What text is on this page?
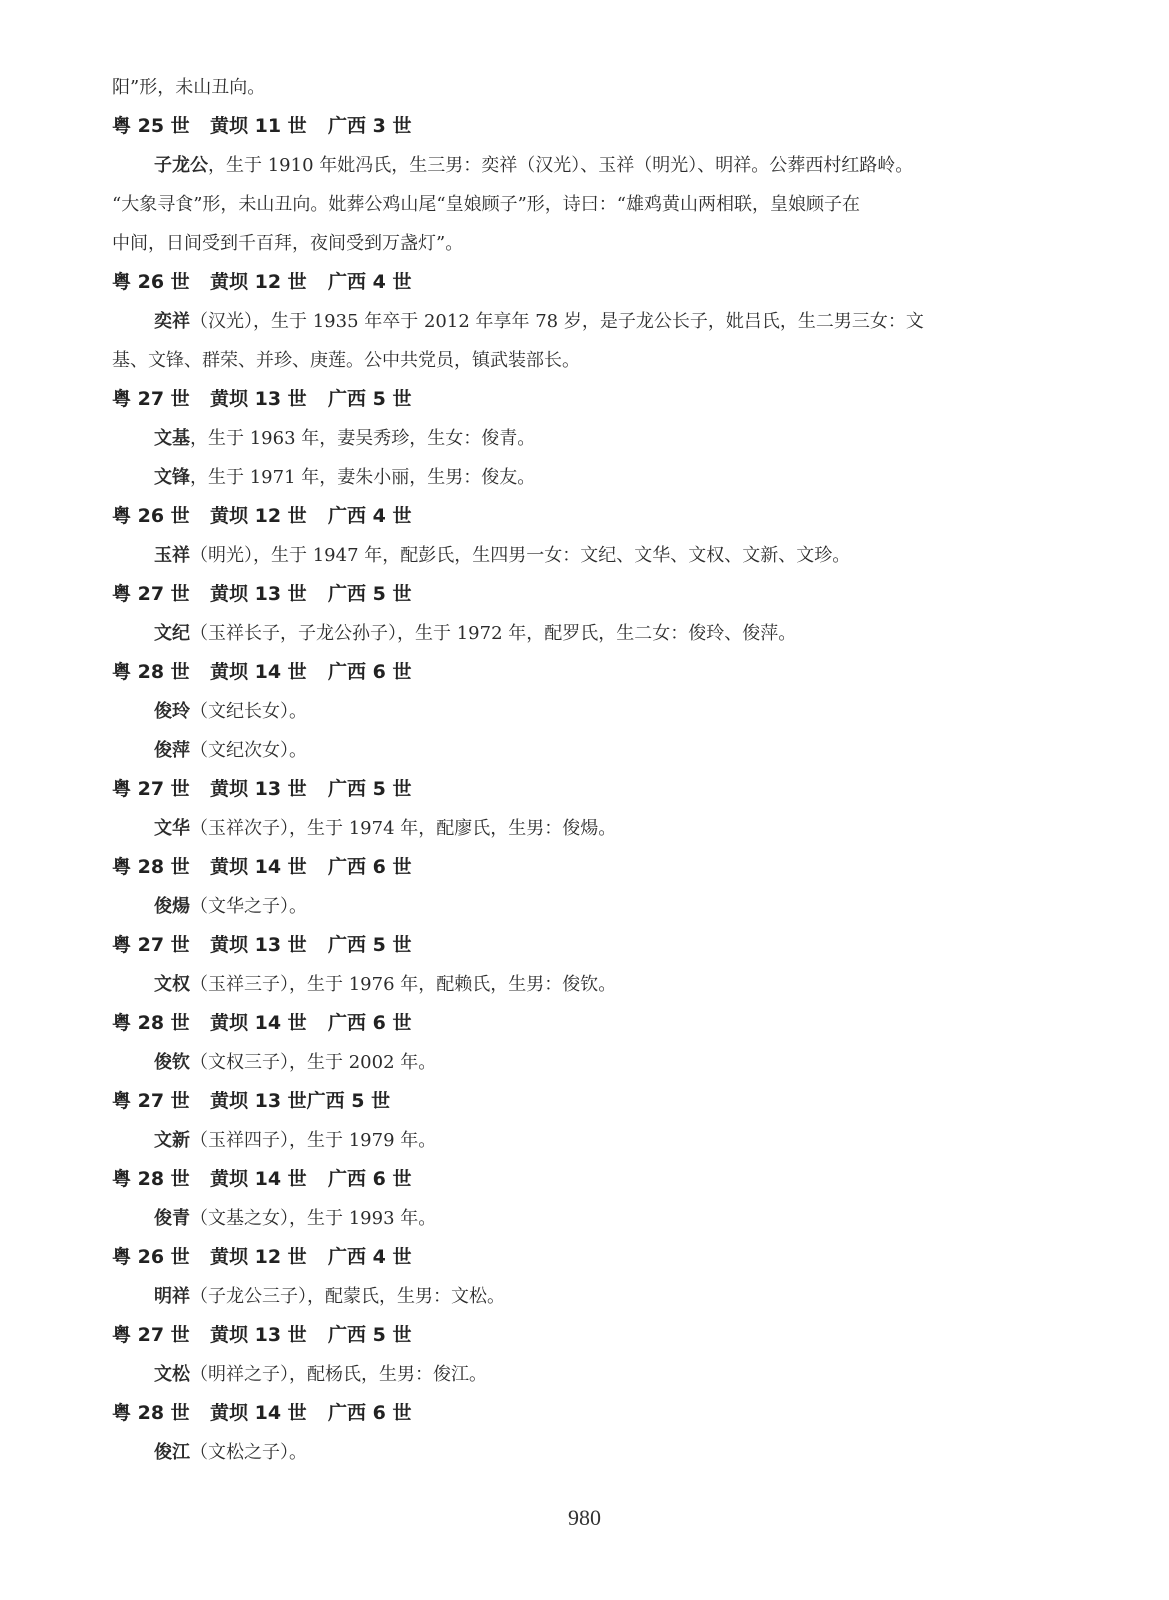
阳”形，未山丑向。
粤 25 世 黄坝 11 世 广西 3 世
子龙公，生于 1910 年妣冯氏，生三男：奕祥（汉光）、玉祥（明光）、明祥。公葬西村红路岭。
“大象寻食”形，未山丑向。妣葬公鸡山尾“皇娘顾子”形，诗曰：“雄鸡黄山两相联，皇娘顾子在
中间，日间受到千百拜，夜间受到万盏灯”。
粤 26 世 黄坝 12 世 广西 4 世
奕祥（汉光），生于 1935 年卒于 2012 年享年 78 岁，是子龙公长子，妣吕氏，生二男三女：文
基、文锋、群荣、并珍、庚莲。公中共党员，镇武装部长。
粤 27 世 黄坝 13 世 广西 5 世
文基，生于 1963 年，妻吴秀珍，生女：俊青。
文锋，生于 1971 年，妻朱小丽，生男：俊友。
粤 26 世 黄坝 12 世 广西 4 世
玉祥（明光），生于 1947 年，配彭氏，生四男一女：文纪、文华、文权、文新、文珍。
粤 27 世 黄坝 13 世 广西 5 世
文纪（玉祥长子，子龙公孙子），生于 1972 年，配罗氏，生二女：俊玲、俊萍。
粤 28 世 黄坝 14 世 广西 6 世
俊玲（文纪长女）。
俊萍（文纪次女）。
粤 27 世 黄坝 13 世 广西 5 世
文华（玉祥次子），生于 1974 年，配廖氏，生男：俊煬。
粤 28 世 黄坝 14 世 广西 6 世
俊煬（文华之子）。
粤 27 世 黄坝 13 世 广西 5 世
文权（玉祥三子），生于 1976 年，配赖氏，生男：俊钦。
粤 28 世 黄坝 14 世 广西 6 世
俊钦（文权三子），生于 2002 年。
粤 27 世 黄坝 13 世广西 5 世
文新（玉祥四子），生于 1979 年。
粤 28 世 黄坝 14 世 广西 6 世
俊青（文基之女），生于 1993 年。
粤 26 世 黄坝 12 世 广西 4 世
明祥（子龙公三子），配蒙氏，生男：文松。
粤 27 世 黄坝 13 世 广西 5 世
文松（明祥之子），配杨氏，生男：俊江。
粤 28 世 黄坝 14 世 广西 6 世
俊江（文松之子）。
980
